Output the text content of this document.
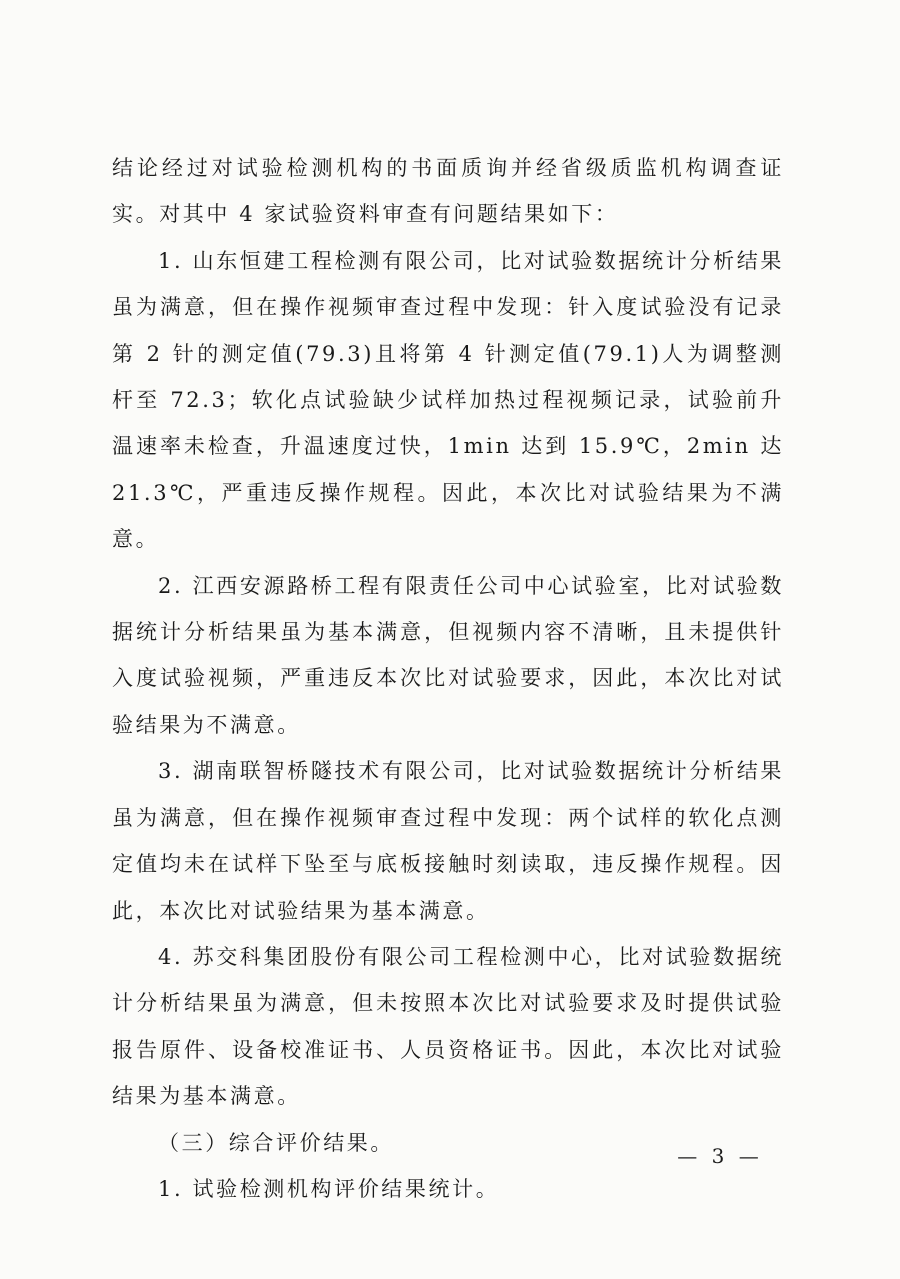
结论经过对试验检测机构的书面质询并经省级质监机构调查证实。对其中 4 家试验资料审查有问题结果如下：

1. 山东恒建工程检测有限公司，比对试验数据统计分析结果虽为满意，但在操作视频审查过程中发现：针入度试验没有记录第 2 针的测定值(79.3)且将第 4 针测定值(79.1)人为调整测杆至 72.3；软化点试验缺少试样加热过程视频记录，试验前升温速率未检查，升温速度过快，1min 达到 15.9℃，2min 达 21.3℃，严重违反操作规程。因此，本次比对试验结果为不满意。

2. 江西安源路桥工程有限责任公司中心试验室，比对试验数据统计分析结果虽为基本满意，但视频内容不清晰，且未提供针入度试验视频，严重违反本次比对试验要求，因此，本次比对试验结果为不满意。

3. 湖南联智桥隧技术有限公司，比对试验数据统计分析结果虽为满意，但在操作视频审查过程中发现：两个试样的软化点测定值均未在试样下坠至与底板接触时刻读取，违反操作规程。因此，本次比对试验结果为基本满意。

4. 苏交科集团股份有限公司工程检测中心，比对试验数据统计分析结果虽为满意，但未按照本次比对试验要求及时提供试验报告原件、设备校准证书、人员资格证书。因此，本次比对试验结果为基本满意。

（三）综合评价结果。

1. 试验检测机构评价结果统计。

— 3 —
